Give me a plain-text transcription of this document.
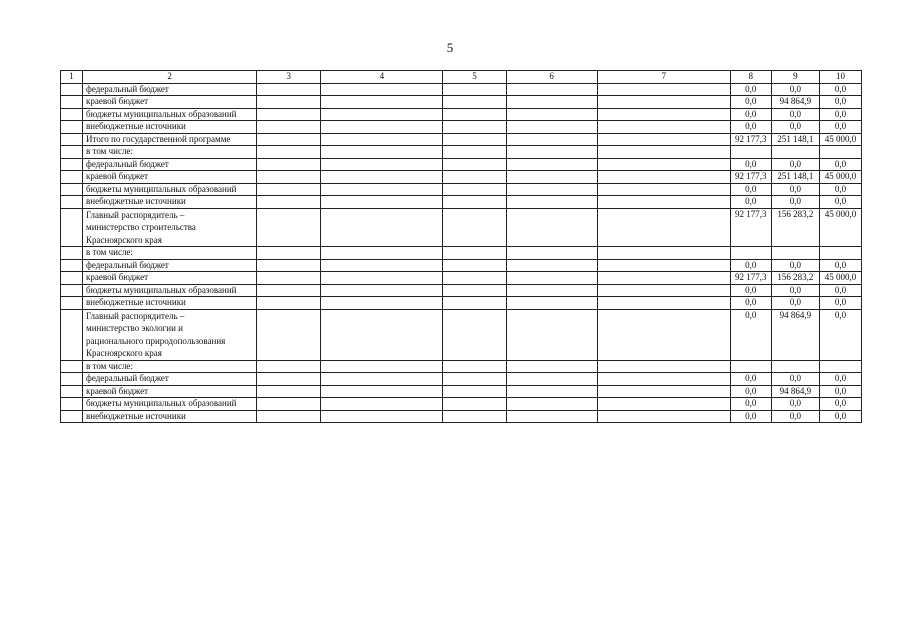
5
1	2	3	4	5	6	7	8	9	10
	федеральный бюджет						0,0	0,0	0,0
	краевой бюджет						0,0	94 864,9	0,0
	бюджеты муниципальных образований						0,0	0,0	0,0
	внебюджетные источники						0,0	0,0	0,0
	Итого по государственной программе						92 177,3	251 148,1	45 000,0
	в том числе:								
	федеральный бюджет						0,0	0,0	0,0
	краевой бюджет						92 177,3	251 148,1	45 000,0
	бюджеты муниципальных образований						0,0	0,0	0,0
	внебюджетные источники						0,0	0,0	0,0

	Главный распорядитель –
министерство строительства
Красноярского края						92 177,3	156 283,2	45 000,0
	в том числе:								
	федеральный бюджет						0,0	0,0	0,0
	краевой бюджет						92 177,3	156 283,2	45 000,0
	бюджеты муниципальных образований						0,0	0,0	0,0
	внебюджетные источники						0,0	0,0	0,0

	Главный распорядитель –
министерство экологии и
рационального природопользования
Красноярского края						0,0	94 864,9	0,0
	в том числе:								
	федеральный бюджет						0,0	0,0	0,0
	краевой бюджет						0,0	94 864,9	0,0
	бюджеты муниципальных образований						0,0	0,0	0,0
	внебюджетные источники						0,0	0,0	0,0
